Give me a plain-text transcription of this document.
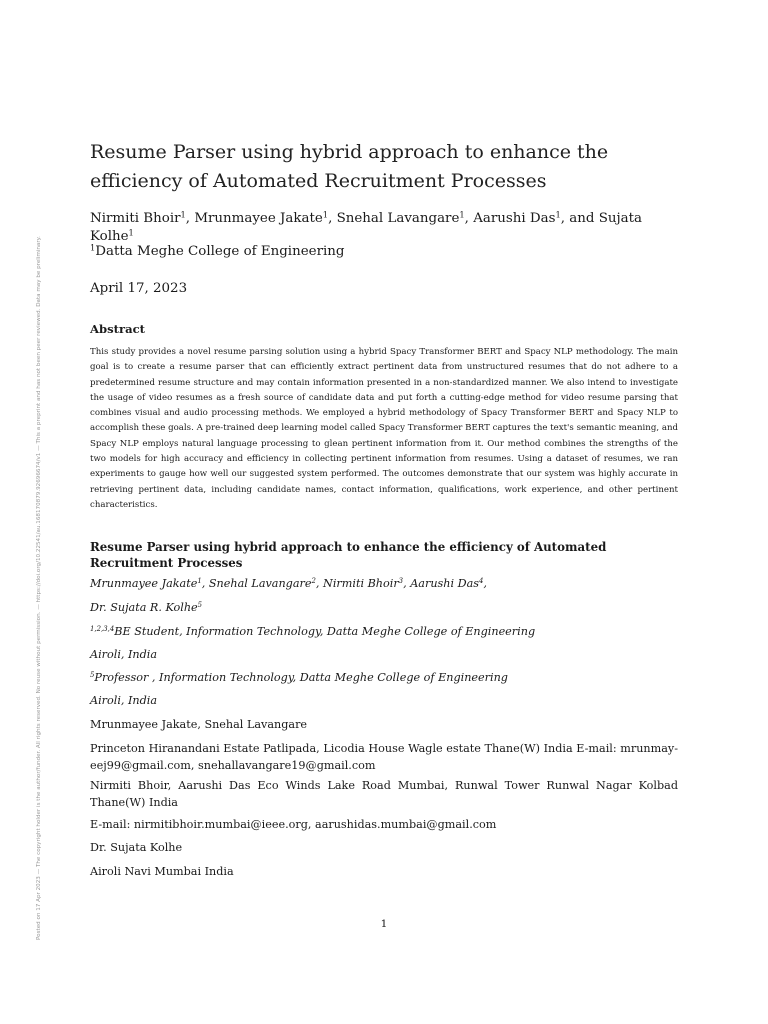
Posted on 17 Apr 2023 — The copyright holder is the author/funder. All rights reserved. No reuse without permission. — https://doi.org/10.22541/au.168170879.92696674/v1 — This a preprint and has not been peer reviewed. Data may be preliminary.
Resume Parser using hybrid approach to enhance the efficiency of Automated Recruitment Processes
Nirmiti Bhoir$^1$, Mrunmayee Jakate$^1$, Snehal Lavangare$^1$, Aarushi Das$^1$, and Sujata Kolhe$^1$
$^1$Datta Meghe College of Engineering
April 17, 2023
Abstract
This study provides a novel resume parsing solution using a hybrid Spacy Transformer BERT and Spacy NLP methodology. The main goal is to create a resume parser that can efficiently extract pertinent data from unstructured resumes that do not adhere to a predetermined resume structure and may contain information presented in a non-standardized manner. We also intend to investigate the usage of video resumes as a fresh source of candidate data and put forth a cutting-edge method for video resume parsing that combines visual and audio processing methods. We employed a hybrid methodology of Spacy Transformer BERT and Spacy NLP to accomplish these goals. A pre-trained deep learning model called Spacy Transformer BERT captures the text's semantic meaning, and Spacy NLP employs natural language processing to glean pertinent information from it. Our method combines the strengths of the two models for high accuracy and efficiency in collecting pertinent information from resumes. Using a dataset of resumes, we ran experiments to gauge how well our suggested system performed. The outcomes demonstrate that our system was highly accurate in retrieving pertinent data, including candidate names, contact information, qualifications, work experience, and other pertinent characteristics.
Resume Parser using hybrid approach to enhance the efficiency of Automated Recruitment Processes
Mrunmayee Jakate$^1$, Snehal Lavangare$^2$, Nirmiti Bhoir$^3$, Aarushi Das$^4$,
Dr. Sujata R. Kolhe$^5$
$^{1,2,3,4}$BE Student, Information Technology, Datta Meghe College of Engineering
Airoli, India
$^5$Professor , Information Technology, Datta Meghe College of Engineering
Airoli, India
Mrunmayee Jakate, Snehal Lavangare
Princeton Hiranandani Estate Patlipada, Licodia House Wagle estate Thane(W) India E-mail: mrunmay-eej99@gmail.com, snehallavangare19@gmail.com
Nirmiti Bhoir, Aarushi Das Eco Winds Lake Road Mumbai, Runwal Tower Runwal Nagar Kolbad Thane(W) India
E-mail: nirmitibhoir.mumbai@ieee.org, aarushidas.mumbai@gmail.com
Dr. Sujata Kolhe
Airoli Navi Mumbai India
1
